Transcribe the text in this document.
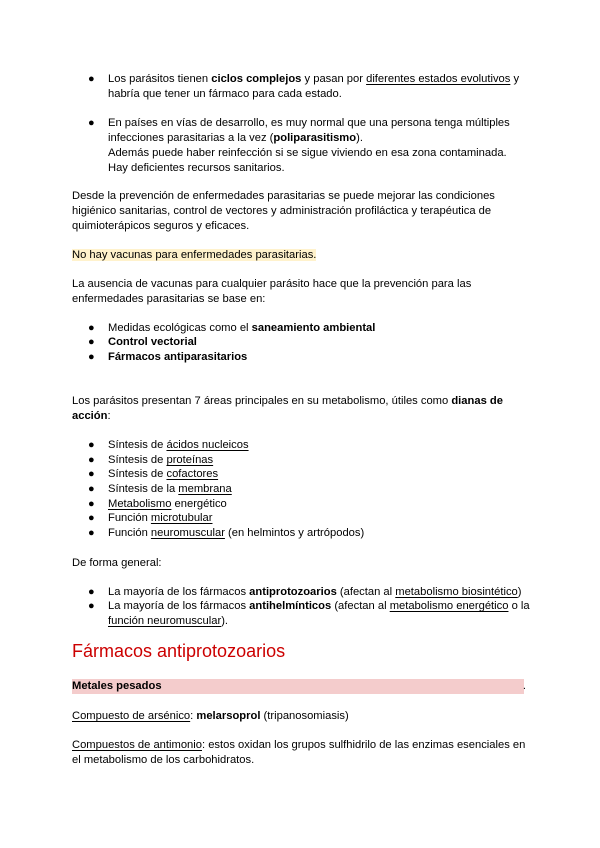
● Los parásitos tienen ciclos complejos y pasan por diferentes estados evolutivos y habría que tener un fármaco para cada estado.
● En países en vías de desarrollo, es muy normal que una persona tenga múltiples infecciones parasitarias a la vez (poliparasitismo).
Además puede haber reinfección si se sigue viviendo en esa zona contaminada.
Hay deficientes recursos sanitarios.
Desde la prevención de enfermedades parasitarias se puede mejorar las condiciones higiénico sanitarias, control de vectores y administración profiláctica y terapéutica de quimioterápicos seguros y eficaces.
No hay vacunas para enfermedades parasitarias.
La ausencia de vacunas para cualquier parásito hace que la prevención para las enfermedades parasitarias se base en:
● Medidas ecológicas como el saneamiento ambiental
● Control vectorial
● Fármacos antiparasitarios
Los parásitos presentan 7 áreas principales en su metabolismo, útiles como dianas de acción:
● Síntesis de ácidos nucleicos
● Síntesis de proteínas
● Síntesis de cofactores
● Síntesis de la membrana
● Metabolismo energético
● Función microtubular
● Función neuromuscular (en helmintos y artrópodos)
De forma general:
● La mayoría de los fármacos antiprotozoarios (afectan al metabolismo biosintético)
● La mayoría de los fármacos antihelmínticos (afectan al metabolismo energético o la función neuromuscular).
Fármacos antiprotozoarios
Metales pesados	.
Compuesto de arsénico: melarsoprol (tripanosomiasis)
Compuestos de antimonio: estos oxidan los grupos sulfhidrilo de las enzimas esenciales en el metabolismo de los carbohidratos.
